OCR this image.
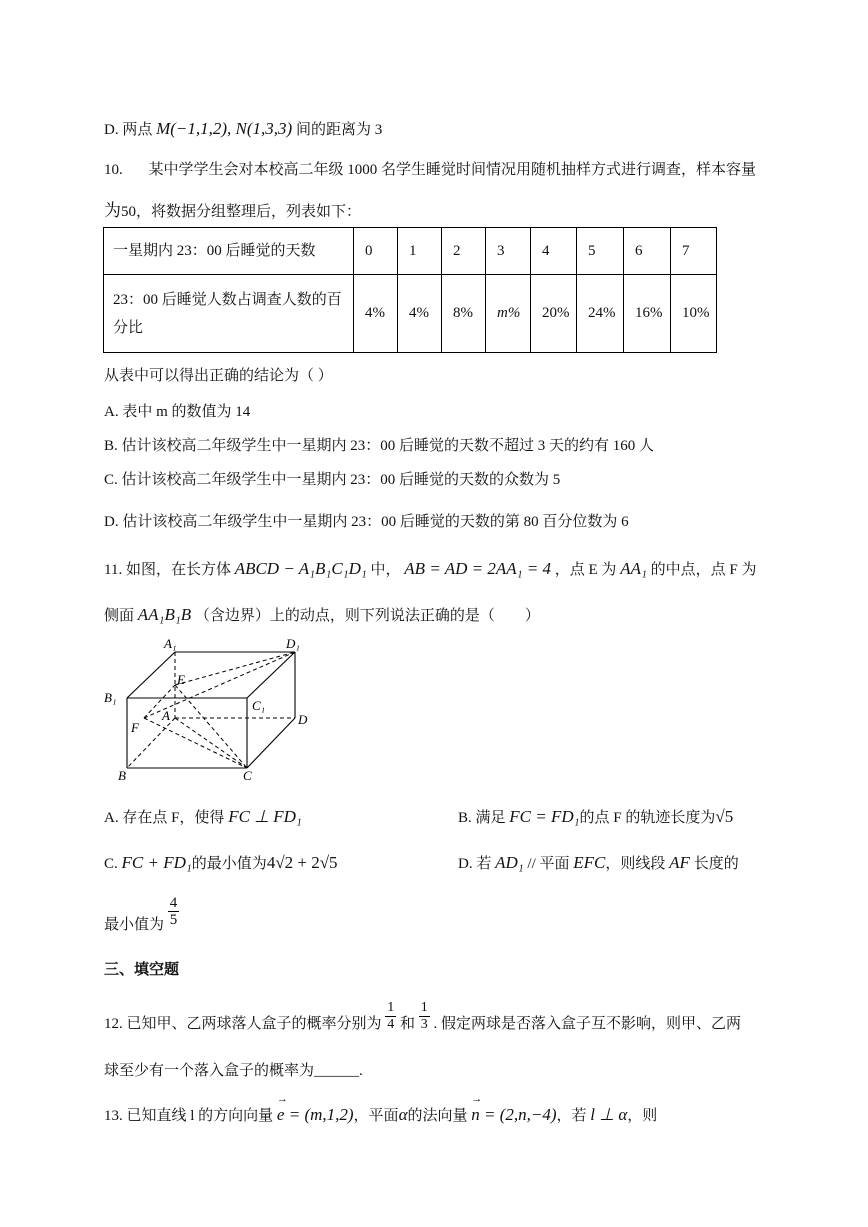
D. 两点 M(−1,1,2), N(1,3,3) 间的距离为 3
10. 某中学学生会对本校高二年级 1000 名学生睡觉时间情况用随机抽样方式进行调查，样本容量
为50，将数据分组整理后，列表如下：
一星期内 23：00 后睡觉的天数	0	1	2	3	4	5	6	7

23：00 后睡觉人数占调查人数的百
分比	4%	4%	8%	m%	20%	24%	16%	10%
从表中可以得出正确的结论为（ ）
A. 表中 m 的数值为 14
B. 估计该校高二年级学生中一星期内 23：00 后睡觉的天数不超过 3 天的约有 160 人
C. 估计该校高二年级学生中一星期内 23：00 后睡觉的天数的众数为 5
D. 估计该校高二年级学生中一星期内 23：00 后睡觉的天数的第 80 百分位数为 6
11. 如图，在长方体 ABCD − A₁B₁C₁D₁ 中， AB = AD = 2AA₁ = 4 ，点 E 为 AA₁ 的中点，点 F 为
侧面 AA₁B₁B （含边界）上的动点，则下列说法正确的是（　　）
A₁	D₁
E
B₁
C₁
A	D
F
B	C
A. 存在点 F，使得 FC ⊥ FD₁	B. 满足 FC = FD₁的点 F 的轨迹长度为√5
C. FC + FD₁的最小值为4√2 + 2√5	D. 若 AD₁ // 平面 EFC，则线段 AF 长度的
最小值为 $\frac{4}{5}$
三、填空题
12. 已知甲、乙两球落人盒子的概率分别为 $\frac{1}{4}$ 和 $\frac{1}{3}$ . 假定两球是否落入盒子互不影响，则甲、乙两
球至少有一个落入盒子的概率为______.
13. 已知直线 l 的方向向量 → e = (m,1,2)，平面α的法向量 → n = (2,n,−4)，若 l ⊥ α，则
